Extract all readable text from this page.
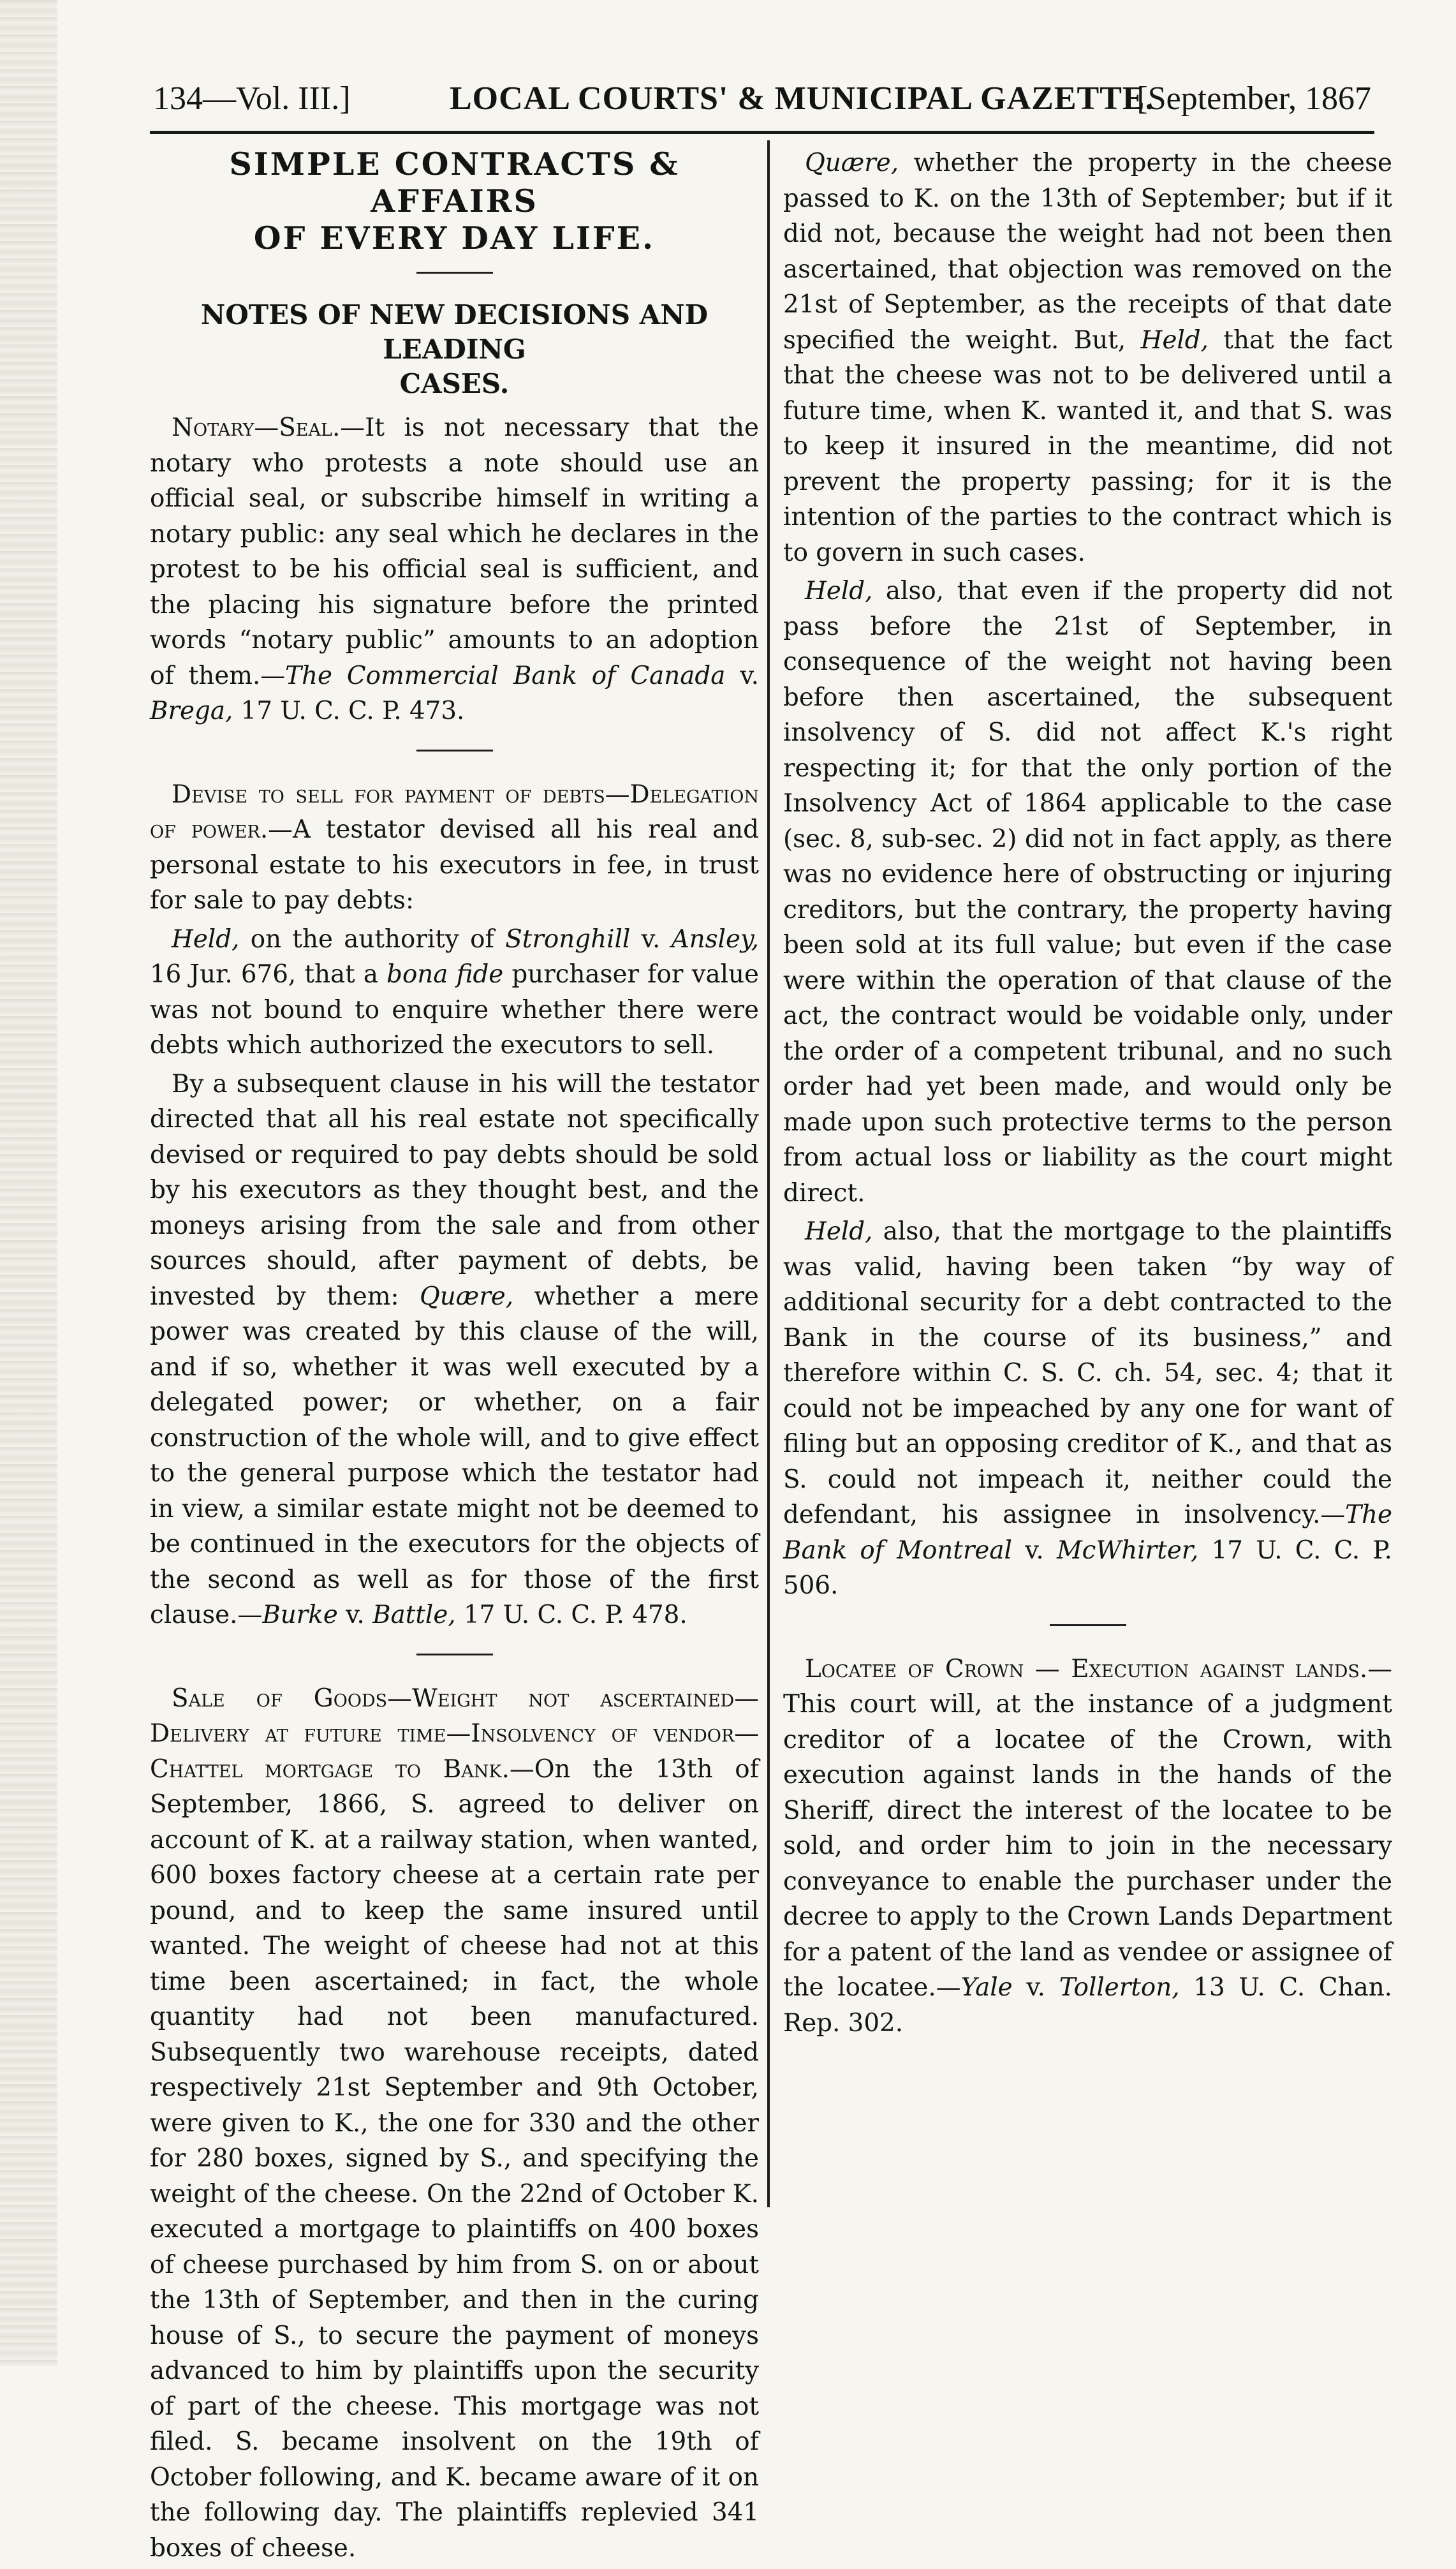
134—Vol. III.]	LOCAL COURTS' & MUNICIPAL GAZETTE.
[September, 1867
SIMPLE CONTRACTS & AFFAIRS
OF EVERY DAY LIFE.
NOTES OF NEW DECISIONS AND LEADING
CASES.

Notary—Seal.—It is not necessary that the notary who protests a note should use an official seal, or subscribe himself in writing a notary public: any seal which he declares in the protest to be his official seal is sufficient, and the placing his signature before the printed words “notary public” amounts to an adoption of them.—The Commercial Bank of Canada v. Brega, 17 U. C. C. P. 473.

Devise to sell for payment of debts—Delegation of power.—A testator devised all his real and personal estate to his executors in fee, in trust for sale to pay debts:

Held, on the authority of Stronghill v. Ansley, 16 Jur. 676, that a bona fide purchaser for value was not bound to enquire whether there were debts which authorized the executors to sell.

By a subsequent clause in his will the testator directed that all his real estate not specifically devised or required to pay debts should be sold by his executors as they thought best, and the moneys arising from the sale and from other sources should, after payment of debts, be invested by them: Quære, whether a mere power was created by this clause of the will, and if so, whether it was well executed by a delegated power; or whether, on a fair construction of the whole will, and to give effect to the general purpose which the testator had in view, a similar estate might not be deemed to be continued in the executors for the objects of the second as well as for those of the first clause.—Burke v. Battle, 17 U. C. C. P. 478.

Sale of Goods—Weight not ascertained—Delivery at future time—Insolvency of vendor—Chattel mortgage to Bank.—On the 13th of September, 1866, S. agreed to deliver on account of K. at a railway station, when wanted, 600 boxes factory cheese at a certain rate per pound, and to keep the same insured until wanted. The weight of cheese had not at this time been ascertained; in fact, the whole quantity had not been manufactured. Subsequently two warehouse receipts, dated respectively 21st September and 9th October, were given to K., the one for 330 and the other for 280 boxes, signed by S., and specifying the weight of the cheese. On the 22nd of October K. executed a mortgage to plaintiffs on 400 boxes of cheese purchased by him from S. on or about the 13th of September, and then in the curing house of S., to secure the payment of moneys advanced to him by plaintiffs upon the security of part of the cheese. This mortgage was not filed. S. became insolvent on the 19th of October following, and K. became aware of it on the following day. The plaintiffs replevied 341 boxes of cheese.

Quære, whether the property in the cheese passed to K. on the 13th of September; but if it did not, because the weight had not been then ascertained, that objection was removed on the 21st of September, as the receipts of that date specified the weight. But, Held, that the fact that the cheese was not to be delivered until a future time, when K. wanted it, and that S. was to keep it insured in the meantime, did not prevent the property passing; for it is the intention of the parties to the contract which is to govern in such cases.

Held, also, that even if the property did not pass before the 21st of September, in consequence of the weight not having been before then ascertained, the subsequent insolvency of S. did not affect K.'s right respecting it; for that the only portion of the Insolvency Act of 1864 applicable to the case (sec. 8, sub-sec. 2) did not in fact apply, as there was no evidence here of obstructing or injuring creditors, but the contrary, the property having been sold at its full value; but even if the case were within the operation of that clause of the act, the contract would be voidable only, under the order of a competent tribunal, and no such order had yet been made, and would only be made upon such protective terms to the person from actual loss or liability as the court might direct.

Held, also, that the mortgage to the plaintiffs was valid, having been taken “by way of additional security for a debt contracted to the Bank in the course of its business,” and therefore within C. S. C. ch. 54, sec. 4; that it could not be impeached by any one for want of filing but an opposing creditor of K., and that as S. could not impeach it, neither could the defendant, his assignee in insolvency.—The Bank of Montreal v. McWhirter, 17 U. C. C. P. 506.

Locatee of Crown — Execution against lands.—This court will, at the instance of a judgment creditor of a locatee of the Crown, with execution against lands in the hands of the Sheriff, direct the interest of the locatee to be sold, and order him to join in the necessary conveyance to enable the purchaser under the decree to apply to the Crown Lands Department for a patent of the land as vendee or assignee of the locatee.—Yale v. Tollerton, 13 U. C. Chan. Rep. 302.
